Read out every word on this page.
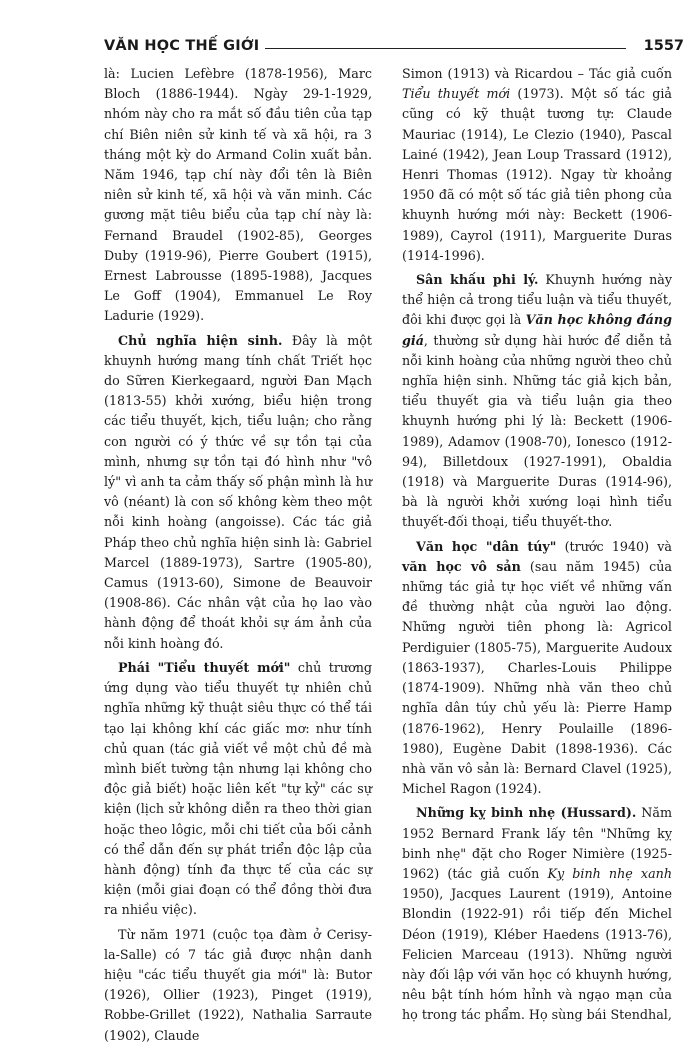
VĂN HỌC THẾ GIỚI	1557

là: Lucien Lefèbre (1878-1956), Marc Bloch (1886-1944). Ngày 29-1-1929, nhóm này cho ra mắt số đầu tiên của tạp chí Biên niên sử kinh tế và xã hội, ra 3 tháng một kỳ do Armand Colin xuất bản. Năm 1946, tạp chí này đổi tên là Biên niên sử kinh tế, xã hội và văn minh. Các gương mặt tiêu biểu của tạp chí này là: Fernand Braudel (1902-85), Georges Duby (1919-96), Pierre Goubert (1915), Ernest Labrousse (1895-1988), Jacques Le Goff (1904), Emmanuel Le Roy Ladurie (1929).

Chủ nghĩa hiện sinh. Đây là một khuynh hướng mang tính chất Triết học do Sữren Kierkegaard, người Đan Mạch (1813-55) khởi xướng, biểu hiện trong các tiểu thuyết, kịch, tiểu luận; cho rằng con người có ý thức về sự tồn tại của mình, nhưng sự tồn tại đó hình như "vô lý" vì anh ta cảm thấy số phận mình là hư vô (néant) là con số không kèm theo một nỗi kinh hoàng (angoisse). Các tác giả Pháp theo chủ nghĩa hiện sinh là: Gabriel Marcel (1889-1973), Sartre (1905-80), Camus (1913-60), Simone de Beauvoir (1908-86). Các nhân vật của họ lao vào hành động để thoát khỏi sự ám ảnh của nỗi kinh hoàng đó.

Phái "Tiểu thuyết mới" chủ trương ứng dụng vào tiểu thuyết tự nhiên chủ nghĩa những kỹ thuật siêu thực có thể tái tạo lại không khí các giấc mơ: như tính chủ quan (tác giả viết về một chủ đề mà mình biết tường tận nhưng lại không cho độc giả biết) hoặc liên kết "tự kỷ" các sự kiện (lịch sử không diễn ra theo thời gian hoặc theo lôgic, mỗi chi tiết của bối cảnh có thể dẫn đến sự phát triển độc lập của hành động) tính đa thực tế của các sự kiện (mỗi giai đoạn có thể đồng thời đưa ra nhiều việc).

Từ năm 1971 (cuộc tọa đàm ở Cerisy-la-Salle) có 7 tác giả được nhận danh hiệu "các tiểu thuyết gia mới" là: Butor (1926), Ollier (1923), Pinget (1919), Robbe-Grillet (1922), Nathalia Sarraute (1902), Claude

Simon (1913) và Ricardou – Tác giả cuốn Tiểu thuyết mới (1973). Một số tác giả cũng có kỹ thuật tương tự: Claude Mauriac (1914), Le Clezio (1940), Pascal Lainé (1942), Jean Loup Trassard (1912), Henri Thomas (1912). Ngay từ khoảng 1950 đã có một số tác giả tiên phong của khuynh hướng mới này: Beckett (1906-1989), Cayrol (1911), Marguerite Duras (1914-1996).

Sân khấu phi lý. Khuynh hướng này thể hiện cả trong tiểu luận và tiểu thuyết, đôi khi được gọi là Văn học không đáng giá, thường sử dụng hài hước để diễn tả nỗi kinh hoàng của những người theo chủ nghĩa hiện sinh. Những tác giả kịch bản, tiểu thuyết gia và tiểu luận gia theo khuynh hướng phi lý là: Beckett (1906-1989), Adamov (1908-70), Ionesco (1912-94), Billetdoux (1927-1991), Obaldia (1918) và Marguerite Duras (1914-96), bà là người khởi xướng loại hình tiểu thuyết-đối thoại, tiểu thuyết-thơ.

Văn học "dân túy" (trước 1940) và văn học vô sản (sau năm 1945) của những tác giả tự học viết về những vấn đề thường nhật của người lao động. Những người tiên phong là: Agricol Perdiguier (1805-75), Marguerite Audoux (1863-1937), Charles-Louis Philippe (1874-1909). Những nhà văn theo chủ nghĩa dân túy chủ yếu là: Pierre Hamp (1876-1962), Henry Poulaille (1896-1980), Eugène Dabit (1898-1936). Các nhà văn vô sản là: Bernard Clavel (1925), Michel Ragon (1924).

Những kỵ binh nhẹ (Hussard). Năm 1952 Bernard Frank lấy tên "Những kỵ binh nhẹ" đặt cho Roger Nimière (1925-1962) (tác giả cuốn Kỵ binh nhẹ xanh 1950), Jacques Laurent (1919), Antoine Blondin (1922-91) rồi tiếp đến Michel Déon (1919), Kléber Haedens (1913-76), Felicien Marceau (1913). Những người này đối lập với văn học có khuynh hướng, nêu bật tính hóm hỉnh và ngạo mạn của họ trong tác phẩm. Họ sùng bái Stendhal,
